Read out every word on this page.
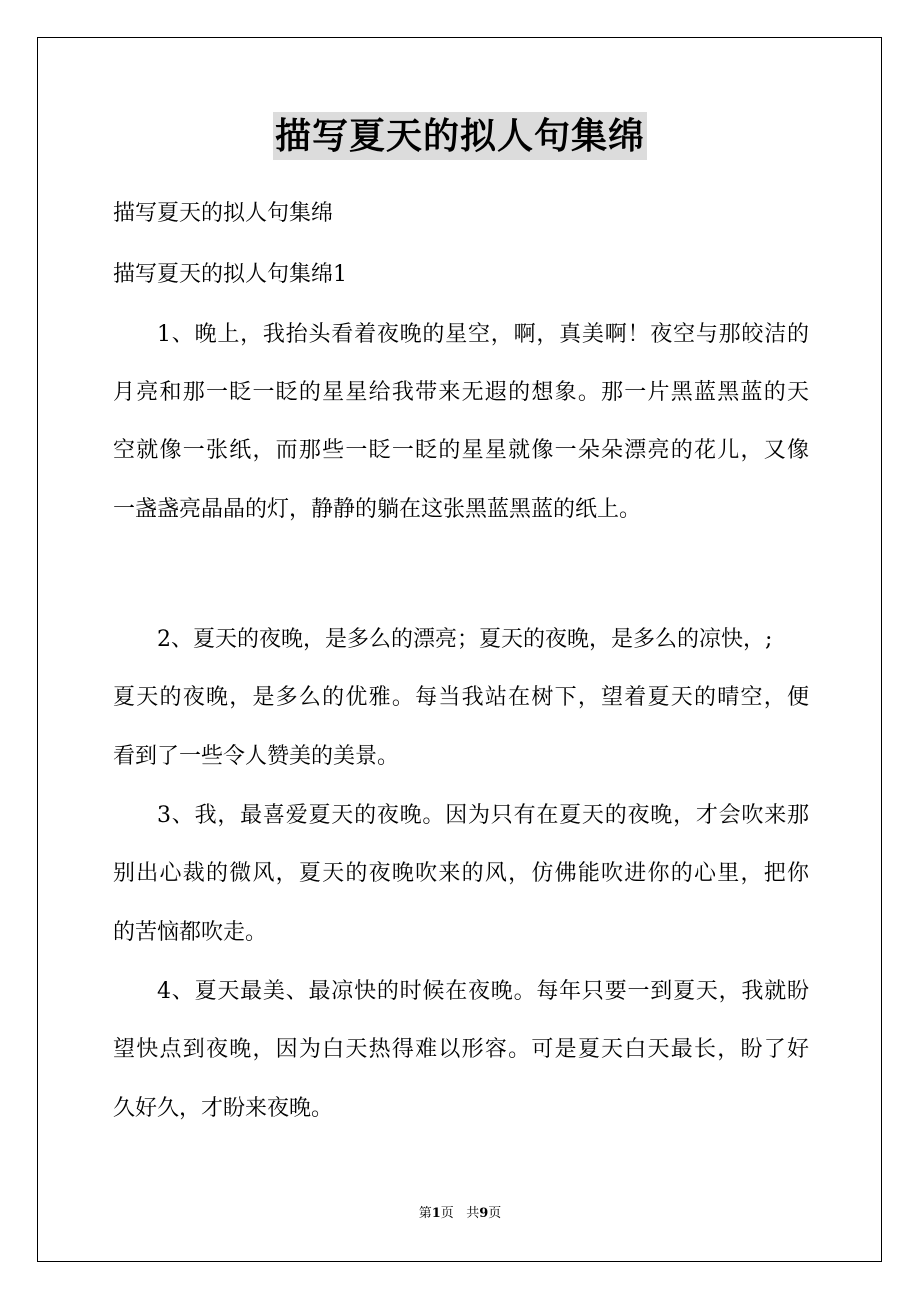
描写夏天的拟人句集绵
描写夏天的拟人句集绵
描写夏天的拟人句集绵1
1、晚上，我抬头看着夜晚的星空，啊，真美啊！夜空与那皎洁的
月亮和那一眨一眨的星星给我带来无遐的想象。那一片黑蓝黑蓝的天
空就像一张纸，而那些一眨一眨的星星就像一朵朵漂亮的花儿，又像
一盏盏亮晶晶的灯，静静的躺在这张黑蓝黑蓝的纸上。
2、夏天的夜晚，是多么的漂亮；夏天的夜晚，是多么的凉快，;
夏天的夜晚，是多么的优雅。每当我站在树下，望着夏天的晴空，便
看到了一些令人赞美的美景。
3、我，最喜爱夏天的夜晚。因为只有在夏天的夜晚，才会吹来那
别出心裁的微风，夏天的夜晚吹来的风，仿佛能吹进你的心里，把你
的苦恼都吹走。
4、夏天最美、最凉快的时候在夜晚。每年只要一到夏天，我就盼
望快点到夜晚，因为白天热得难以形容。可是夏天白天最长，盼了好
久好久，才盼来夜晚。
第1页 共9页
